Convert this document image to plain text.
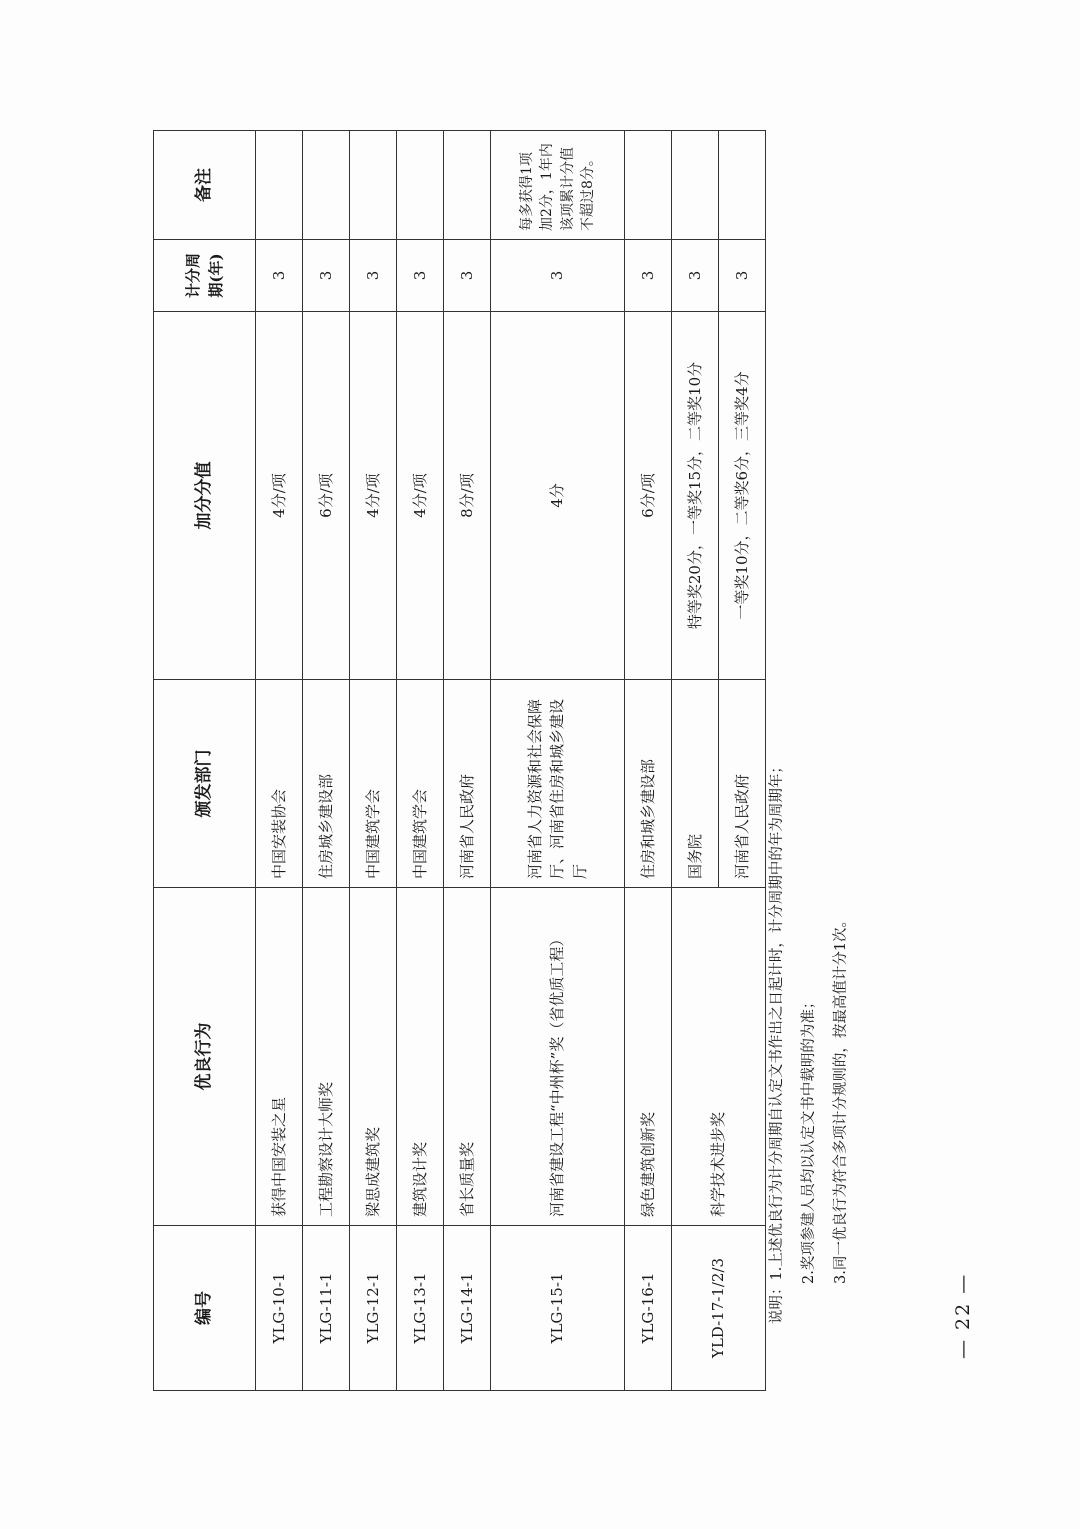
编号	优良行为	颁发部门	加分分值	计分周期(年)	备注
YLG-10-1	获得中国安装之星	中国安装协会	4分/项	3	
YLG-11-1	工程勘察设计大师奖	住房城乡建设部	6分/项	3	
YLG-12-1	梁思成建筑奖	中国建筑学会	4分/项	3	
YLG-13-1	建筑设计奖	中国建筑学会	4分/项	3	
YLG-14-1	省长质量奖	河南省人民政府	8分/项	3	
YLG-15-1	河南省建设工程“中州杯”奖（省优质工程）	河南省人力资源和社会保障厅、河南省住房和城乡建设厅	4分	3	每多获得1项加2分，1年内该项累计分值不超过8分。
YLG-16-1	绿色建筑创新奖	住房和城乡建设部	6分/项	3	
YLD-17-1/2/3	科学技术进步奖	国务院	特等奖20分，一等奖15分，二等奖10分	3	
		河南省人民政府	一等奖10分，二等奖6分，三等奖4分	3	

说明：1.上述优良行为计分周期自认定文书作出之日起计时，计分周期中的年为周期年； 2.奖项参建人员均以认定文书中载明的为准； 3.同一优良行为符合多项计分规则的，按最高值计分1次。

— 22 —
